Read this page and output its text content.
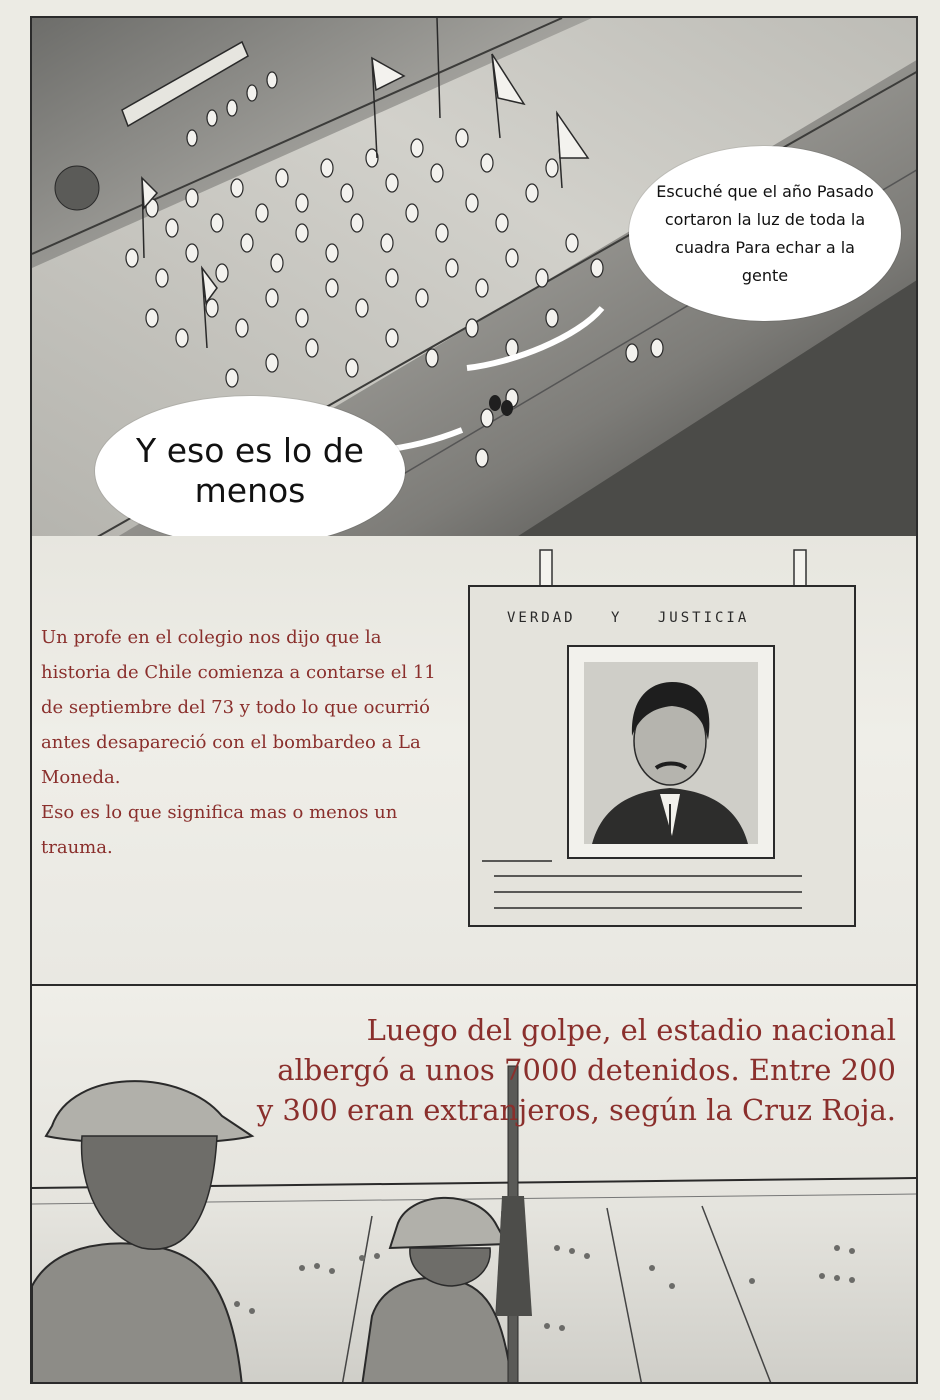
Escuché que el año Pasado cortaron la luz de toda la cuadra Para echar a la gente
Y eso es lo de menos
VERDAD Y JUSTICIA

Un profe en el colegio nos dijo que la historia de Chile comienza a contarse el 11 de septiembre del 73 y todo lo que ocurrió antes desapareció con el bombardeo a La Moneda.

Eso es lo que significa mas o menos un trauma.

Luego del golpe, el estadio nacional albergó a unos 7000 detenidos. Entre 200 y 300 eran extranjeros, según la Cruz Roja.
